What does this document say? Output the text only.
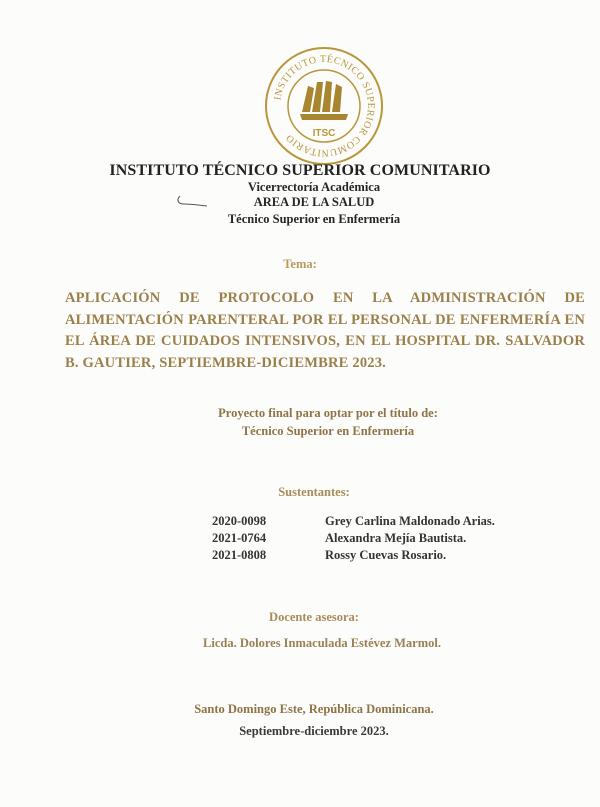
INSTITUTO TÉCNICO SUPERIOR COMUNITARIO	ITSC
INSTITUTO TÉCNICO SUPERIOR COMUNITARIO
Vicerrectoría Académica
AREA DE LA SALUD
Técnico Superior en Enfermería
Tema:
APLICACIÓN DE PROTOCOLO EN LA ADMINISTRACIÓN DE ALIMENTACIÓN PARENTERAL POR EL PERSONAL DE ENFERMERÍA EN EL ÁREA DE CUIDADOS INTENSIVOS, EN EL HOSPITAL DR. SALVADOR B. GAUTIER, SEPTIEMBRE-DICIEMBRE 2023.
Proyecto final para optar por el título de:
Técnico Superior en Enfermería
Sustentantes:
2020-0098	Grey Carlina Maldonado Arias.
2021-0764	Alexandra Mejía Bautista.
2021-0808	Rossy Cuevas Rosario.
Docente asesora:
Licda. Dolores Inmaculada Estévez Marmol.
Santo Domingo Este, República Dominicana.
Septiembre-diciembre 2023.
